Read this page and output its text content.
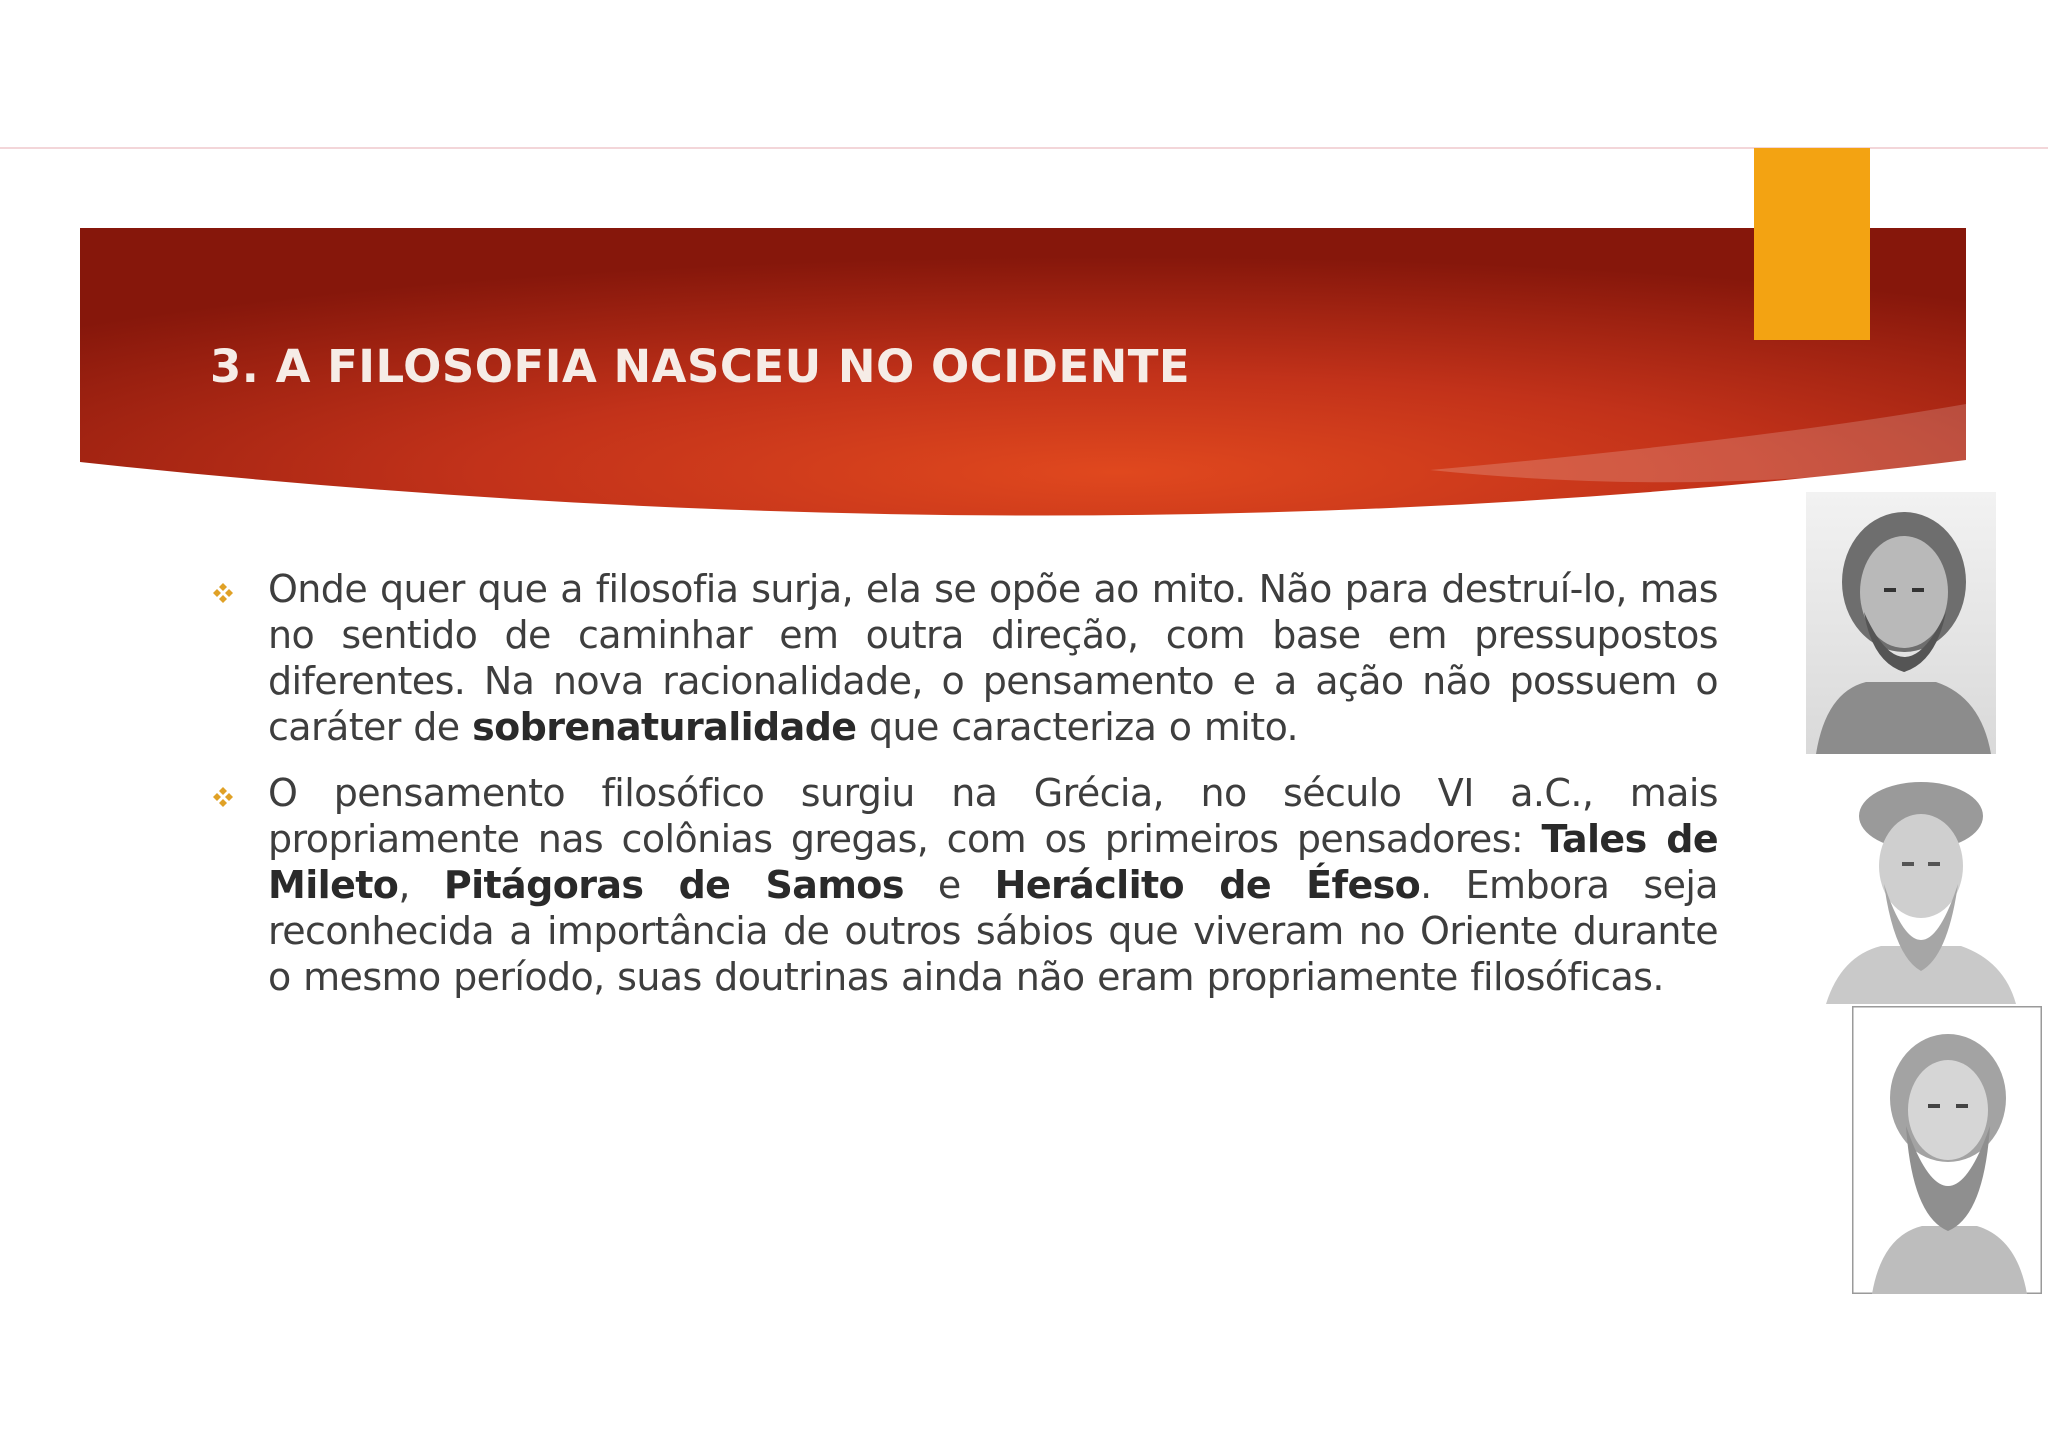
3. A FILOSOFIA NASCEU NO OCIDENTE

Onde quer que a filosofia surja, ela se opõe ao mito. Não para destruí-lo, mas no sentido de caminhar em outra direção, com base em pressupostos diferentes. Na nova racionalidade, o pensamento e a ação não possuem o caráter de sobrenaturalidade que caracteriza o mito.

O pensamento filosófico surgiu na Grécia, no século VI a.C., mais propriamente nas colônias gregas, com os primeiros pensadores: Tales de Mileto, Pitágoras de Samos e Heráclito de Éfeso. Embora seja reconhecida a importância de outros sábios que viveram no Oriente durante o mesmo período, suas doutrinas ainda não eram propriamente filosóficas.
